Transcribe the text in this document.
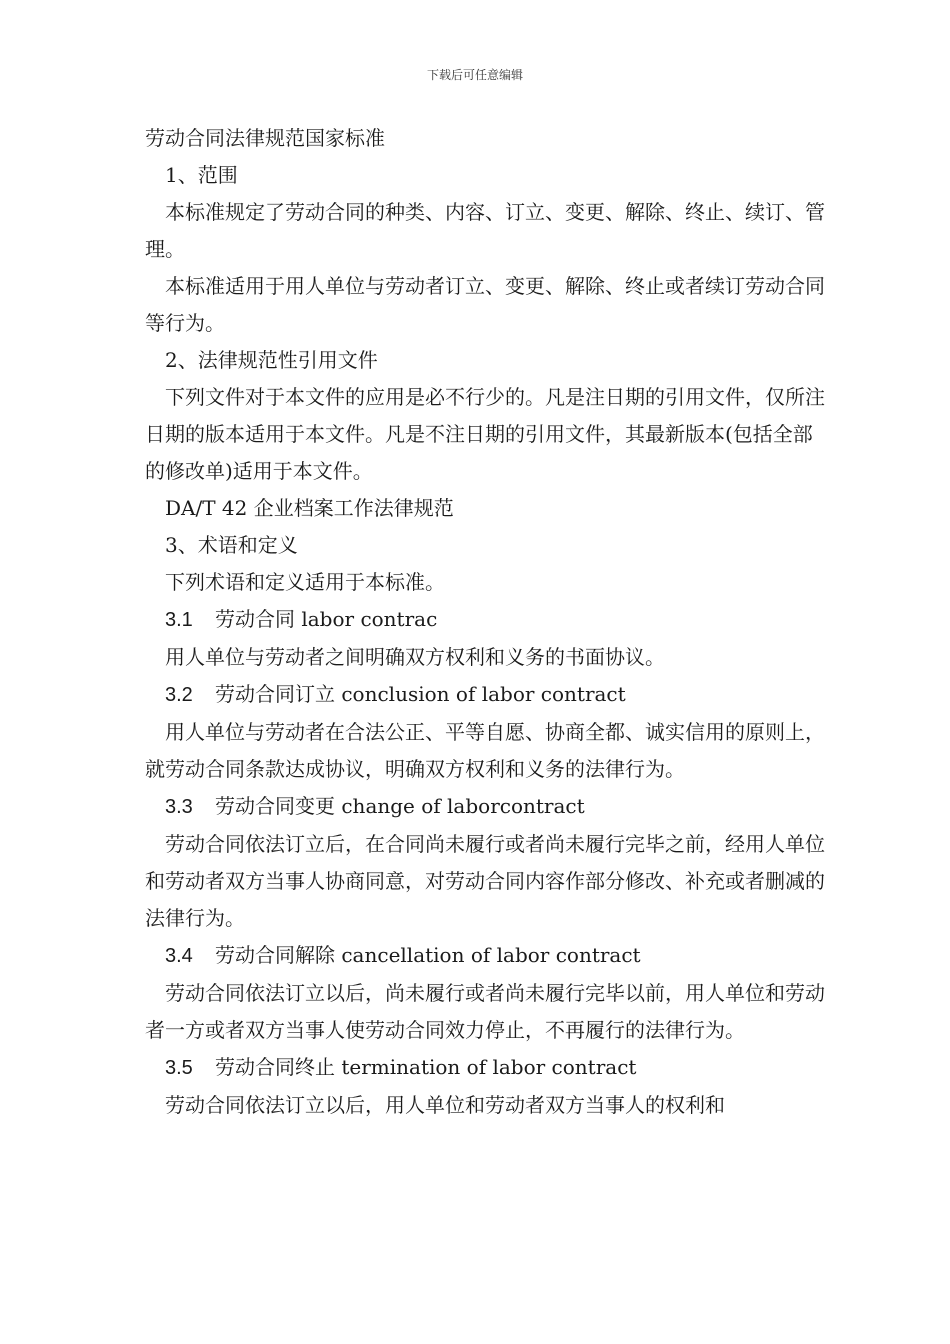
下载后可任意编辑

劳动合同法律规范国家标准

1、范围

本标准规定了劳动合同的种类、内容、订立、变更、解除、终止、续订、管理。

本标准适用于用人单位与劳动者订立、变更、解除、终止或者续订劳动合同等行为。

2、法律规范性引用文件

下列文件对于本文件的应用是必不行少的。凡是注日期的引用文件，仅所注日期的版本适用于本文件。凡是不注日期的引用文件，其最新版本(包括全部的修改单)适用于本文件。

DA/T 42 企业档案工作法律规范

3、术语和定义

下列术语和定义适用于本标准。

3.1 劳动合同 labor contrac

用人单位与劳动者之间明确双方权利和义务的书面协议。

3.2 劳动合同订立 conclusion of labor contract

用人单位与劳动者在合法公正、平等自愿、协商全都、诚实信用的原则上，就劳动合同条款达成协议，明确双方权利和义务的法律行为。

3.3 劳动合同变更 change of laborcontract

劳动合同依法订立后，在合同尚未履行或者尚未履行完毕之前，经用人单位和劳动者双方当事人协商同意，对劳动合同内容作部分修改、补充或者删减的法律行为。

3.4 劳动合同解除 cancellation of labor contract

劳动合同依法订立以后，尚未履行或者尚未履行完毕以前，用人单位和劳动者一方或者双方当事人使劳动合同效力停止，不再履行的法律行为。

3.5 劳动合同终止 termination of labor contract

劳动合同依法订立以后，用人单位和劳动者双方当事人的权利和
